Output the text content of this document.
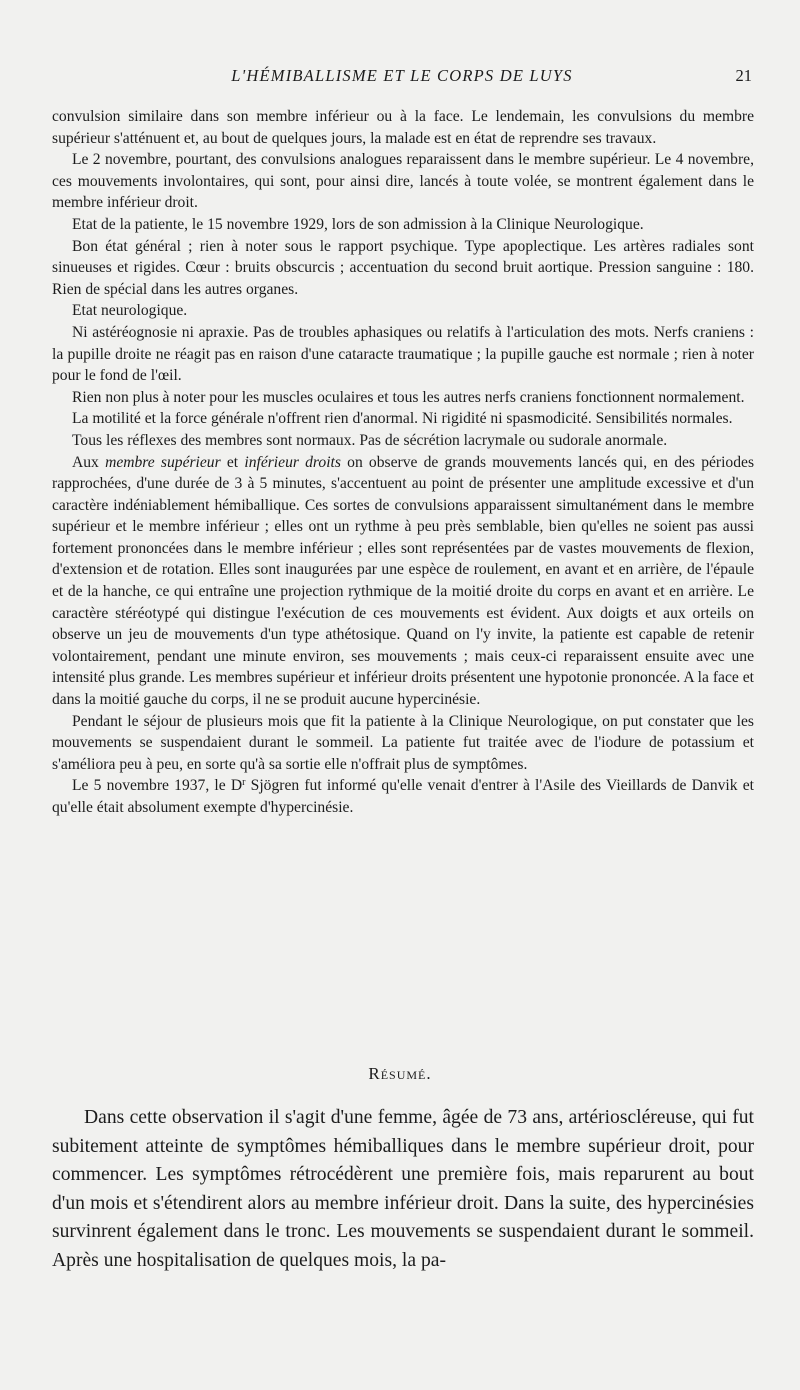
L'HÉMIBALLISME ET LE CORPS DE LUYS	21

convulsion similaire dans son membre inférieur ou à la face. Le lendemain, les convulsions du membre supérieur s'atténuent et, au bout de quelques jours, la malade est en état de reprendre ses travaux.

Le 2 novembre, pourtant, des convulsions analogues reparaissent dans le membre supérieur. Le 4 novembre, ces mouvements involontaires, qui sont, pour ainsi dire, lancés à toute volée, se montrent également dans le membre inférieur droit.

Etat de la patiente, le 15 novembre 1929, lors de son admission à la Clinique Neurologique.

Bon état général ; rien à noter sous le rapport psychique. Type apoplectique. Les artères radiales sont sinueuses et rigides. Cœur : bruits obscurcis ; accentuation du second bruit aortique. Pression sanguine : 180. Rien de spécial dans les autres organes.

Etat neurologique.

Ni astéréognosie ni apraxie. Pas de troubles aphasiques ou relatifs à l'articulation des mots. Nerfs craniens : la pupille droite ne réagit pas en raison d'une cataracte traumatique ; la pupille gauche est normale ; rien à noter pour le fond de l'œil.

Rien non plus à noter pour les muscles oculaires et tous les autres nerfs craniens fonctionnent normalement.

La motilité et la force générale n'offrent rien d'anormal. Ni rigidité ni spasmodicité. Sensibilités normales.

Tous les réflexes des membres sont normaux. Pas de sécrétion lacrymale ou sudorale anormale.

Aux membre supérieur et inférieur droits on observe de grands mouvements lancés qui, en des périodes rapprochées, d'une durée de 3 à 5 minutes, s'accentuent au point de présenter une amplitude excessive et d'un caractère indéniablement hémiballique. Ces sortes de convulsions apparaissent simultanément dans le membre supérieur et le membre inférieur ; elles ont un rythme à peu près semblable, bien qu'elles ne soient pas aussi fortement prononcées dans le membre inférieur ; elles sont représentées par de vastes mouvements de flexion, d'extension et de rotation. Elles sont inaugurées par une espèce de roulement, en avant et en arrière, de l'épaule et de la hanche, ce qui entraîne une projection rythmique de la moitié droite du corps en avant et en arrière. Le caractère stéréotypé qui distingue l'exécution de ces mouvements est évident. Aux doigts et aux orteils on observe un jeu de mouvements d'un type athétosique. Quand on l'y invite, la patiente est capable de retenir volontairement, pendant une minute environ, ses mouvements ; mais ceux-ci reparaissent ensuite avec une intensité plus grande. Les membres supérieur et inférieur droits présentent une hypotonie prononcée. A la face et dans la moitié gauche du corps, il ne se produit aucune hypercinésie.

Pendant le séjour de plusieurs mois que fit la patiente à la Clinique Neurologique, on put constater que les mouvements se suspendaient durant le sommeil. La patiente fut traitée avec de l'iodure de potassium et s'améliora peu à peu, en sorte qu'à sa sortie elle n'offrait plus de symptômes.

Le 5 novembre 1937, le $D^r$ Sjögren fut informé qu'elle venait d'entrer à l'Asile des Vieillards de Danvik et qu'elle était absolument exempte d'hypercinésie.

Résumé.

Dans cette observation il s'agit d'une femme, âgée de 73 ans, artérioscléreuse, qui fut subitement atteinte de symptômes hémiballiques dans le membre supérieur droit, pour commencer. Les symptômes rétrocédèrent une première fois, mais reparurent au bout d'un mois et s'étendirent alors au membre inférieur droit. Dans la suite, des hypercinésies survinrent également dans le tronc. Les mouvements se suspendaient durant le sommeil. Après une hospitalisation de quelques mois, la pa-
